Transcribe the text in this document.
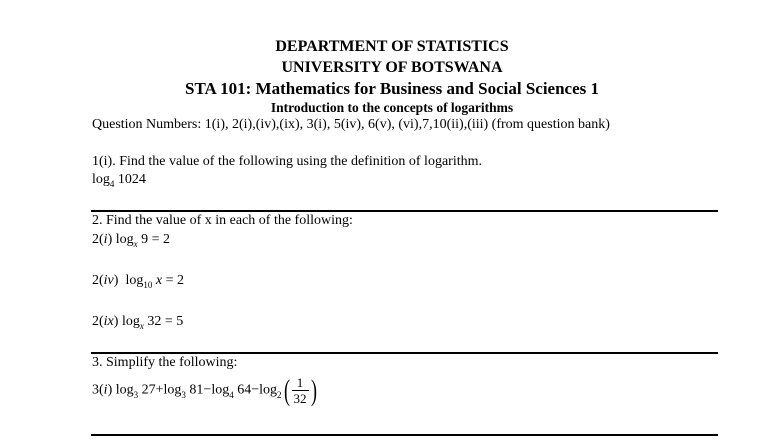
DEPARTMENT OF STATISTICS
UNIVERSITY OF BOTSWANA
STA 101: Mathematics for Business and Social Sciences 1
Introduction to the concepts of logarithms
Question Numbers: 1(i), 2(i),(iv),(ix), 3(i), 5(iv), 6(v), (vi),7,10(ii),(iii) (from question bank)
1(i). Find the value of the following using the definition of logarithm.
$\log_4 1024$
2. Find the value of x in each of the following:
2(i) $\log_x 9 = 2$
2(iv) $\log_{10} x = 2$
2(ix) $\log_x 32 = 5$
3. Simplify the following:
3(i) $\log_3 27+\log_3$ $81-\log_4$ $64-\log_2( \frac{1}{32}$ )
